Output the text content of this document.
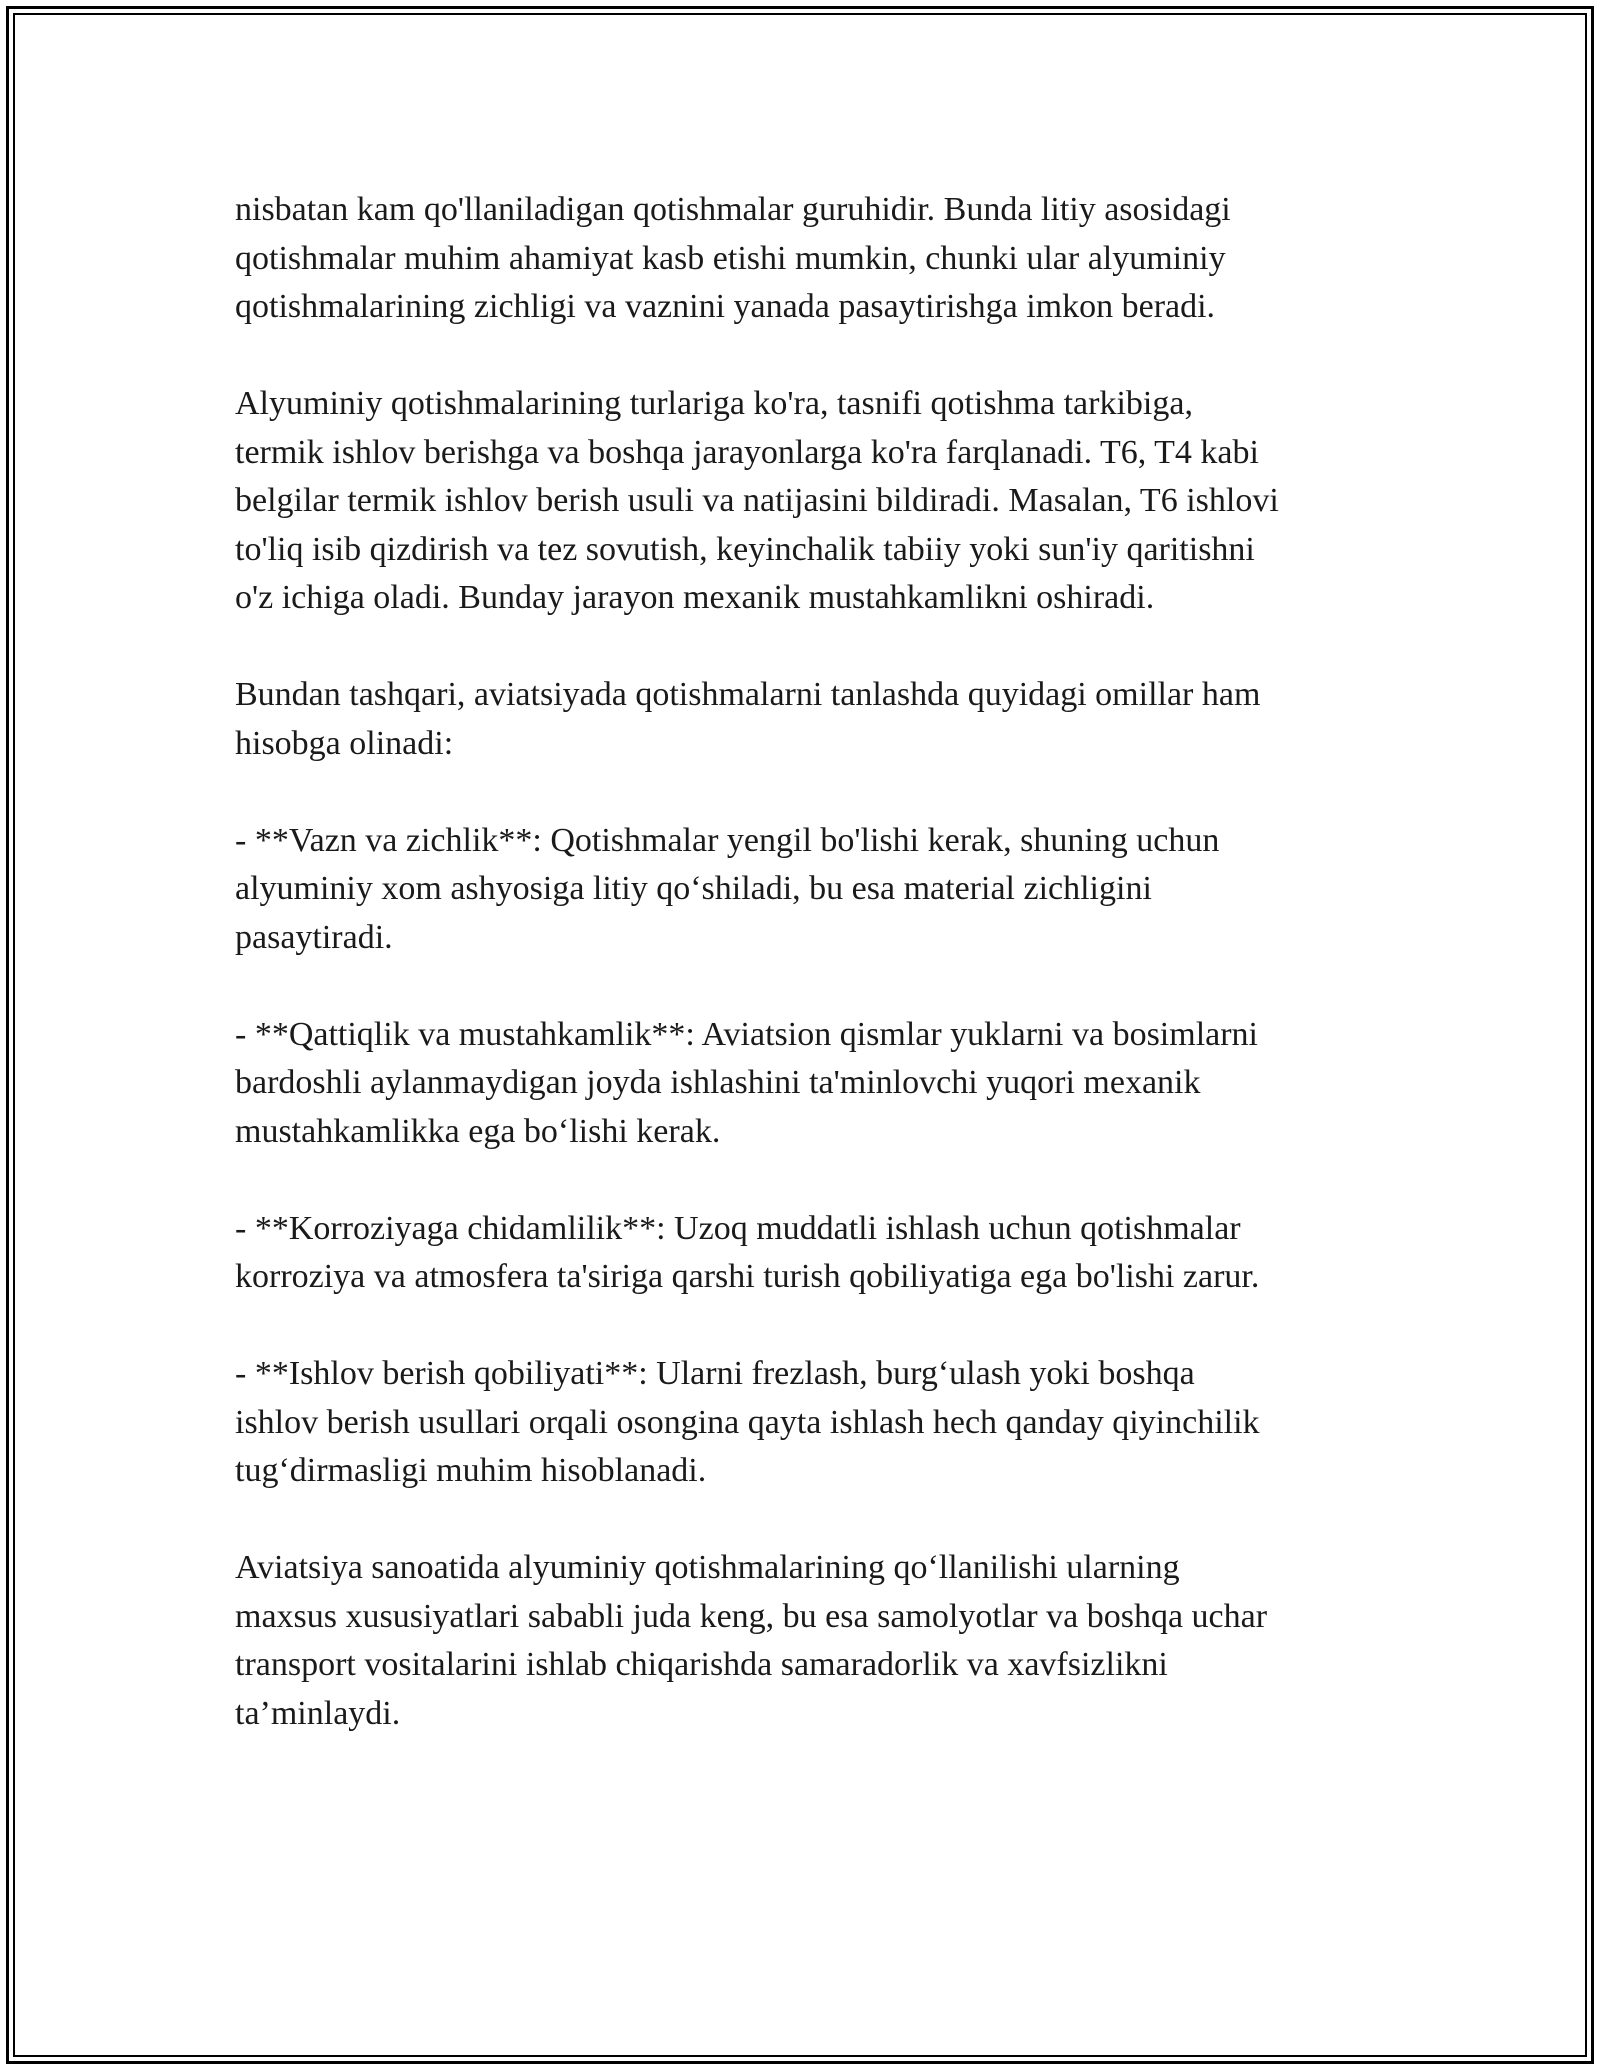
nisbatan kam qo'llaniladigan qotishmalar guruhidir. Bunda litiy asosidagi
qotishmalar muhim ahamiyat kasb etishi mumkin, chunki ular alyuminiy
qotishmalarining zichligi va vaznini yanada pasaytirishga imkon beradi.

Alyuminiy qotishmalarining turlariga ko'ra, tasnifi qotishma tarkibiga,
termik ishlov berishga va boshqa jarayonlarga ko'ra farqlanadi. T6, T4 kabi
belgilar termik ishlov berish usuli va natijasini bildiradi. Masalan, T6 ishlovi
to'liq isib qizdirish va tez sovutish, keyinchalik tabiiy yoki sun'iy qaritishni
o'z ichiga oladi. Bunday jarayon mexanik mustahkamlikni oshiradi.

Bundan tashqari, aviatsiyada qotishmalarni tanlashda quyidagi omillar ham
hisobga olinadi:

- **Vazn va zichlik**: Qotishmalar yengil bo'lishi kerak, shuning uchun
alyuminiy xom ashyosiga litiy qo‘shiladi, bu esa material zichligini
pasaytiradi.

- **Qattiqlik va mustahkamlik**: Aviatsion qismlar yuklarni va bosimlarni
bardoshli aylanmaydigan joyda ishlashini ta'minlovchi yuqori mexanik
mustahkamlikka ega bo‘lishi kerak.

- **Korroziyaga chidamlilik**: Uzoq muddatli ishlash uchun qotishmalar
korroziya va atmosfera ta'siriga qarshi turish qobiliyatiga ega bo'lishi zarur.

- **Ishlov berish qobiliyati**: Ularni frezlash, burg‘ulash yoki boshqa
ishlov berish usullari orqali osongina qayta ishlash hech qanday qiyinchilik
tug‘dirmasligi muhim hisoblanadi.

Aviatsiya sanoatida alyuminiy qotishmalarining qo‘llanilishi ularning
maxsus xususiyatlari sababli juda keng, bu esa samolyotlar va boshqa uchar
transport vositalarini ishlab chiqarishda samaradorlik va xavfsizlikni
ta’minlaydi.
